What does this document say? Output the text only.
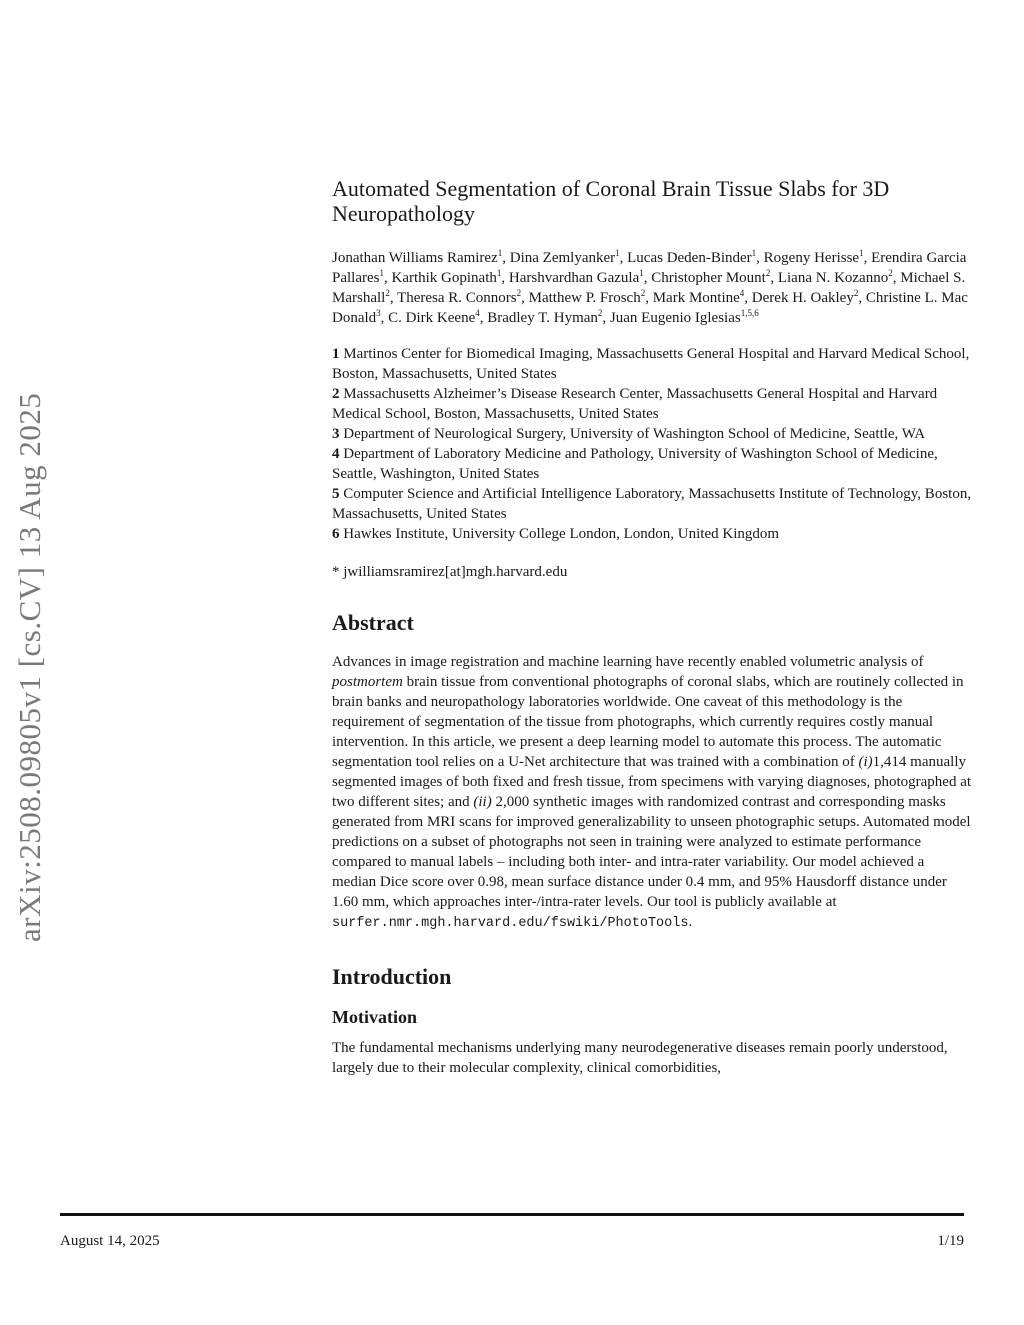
arXiv:2508.09805v1 [cs.CV] 13 Aug 2025
Automated Segmentation of Coronal Brain Tissue Slabs for 3D Neuropathology
Jonathan Williams Ramirez$^1$, Dina Zemlyanker$^1$, Lucas Deden-Binder$^1$, Rogeny Herisse$^1$, Erendira Garcia Pallares$^1$, Karthik Gopinath$^1$, Harshvardhan Gazula$^1$, Christopher Mount$^2$, Liana N. Kozanno$^2$, Michael S. Marshall$^2$, Theresa R. Connors$^2$, Matthew P. Frosch$^2$, Mark Montine$^4$, Derek H. Oakley$^2$, Christine L. Mac Donald$^3$, C. Dirk Keene$^4$, Bradley T. Hyman$^2$, Juan Eugenio Iglesias$^{1,5,6}$
1 Martinos Center for Biomedical Imaging, Massachusetts General Hospital and Harvard Medical School, Boston, Massachusetts, United States
2 Massachusetts Alzheimer’s Disease Research Center, Massachusetts General Hospital and Harvard Medical School, Boston, Massachusetts, United States
3 Department of Neurological Surgery, University of Washington School of Medicine, Seattle, WA
4 Department of Laboratory Medicine and Pathology, University of Washington School of Medicine, Seattle, Washington, United States
5 Computer Science and Artificial Intelligence Laboratory, Massachusetts Institute of Technology, Boston, Massachusetts, United States
6 Hawkes Institute, University College London, London, United Kingdom
* jwilliamsramirez[at]mgh.harvard.edu
Abstract

Advances in image registration and machine learning have recently enabled volumetric analysis of postmortem brain tissue from conventional photographs of coronal slabs, which are routinely collected in brain banks and neuropathology laboratories worldwide. One caveat of this methodology is the requirement of segmentation of the tissue from photographs, which currently requires costly manual intervention. In this article, we present a deep learning model to automate this process. The automatic segmentation tool relies on a U-Net architecture that was trained with a combination of (i)1,414 manually segmented images of both fixed and fresh tissue, from specimens with varying diagnoses, photographed at two different sites; and (ii) 2,000 synthetic images with randomized contrast and corresponding masks generated from MRI scans for improved generalizability to unseen photographic setups. Automated model predictions on a subset of photographs not seen in training were analyzed to estimate performance compared to manual labels – including both inter- and intra-rater variability. Our model achieved a median Dice score over 0.98, mean surface distance under 0.4 mm, and 95% Hausdorff distance under 1.60 mm, which approaches inter-/intra-rater levels. Our tool is publicly available at surfer.nmr.mgh.harvard.edu/fswiki/PhotoTools.

Introduction
Motivation

The fundamental mechanisms underlying many neurodegenerative diseases remain poorly understood, largely due to their molecular complexity, clinical comorbidities,

August 14, 2025	1/19
